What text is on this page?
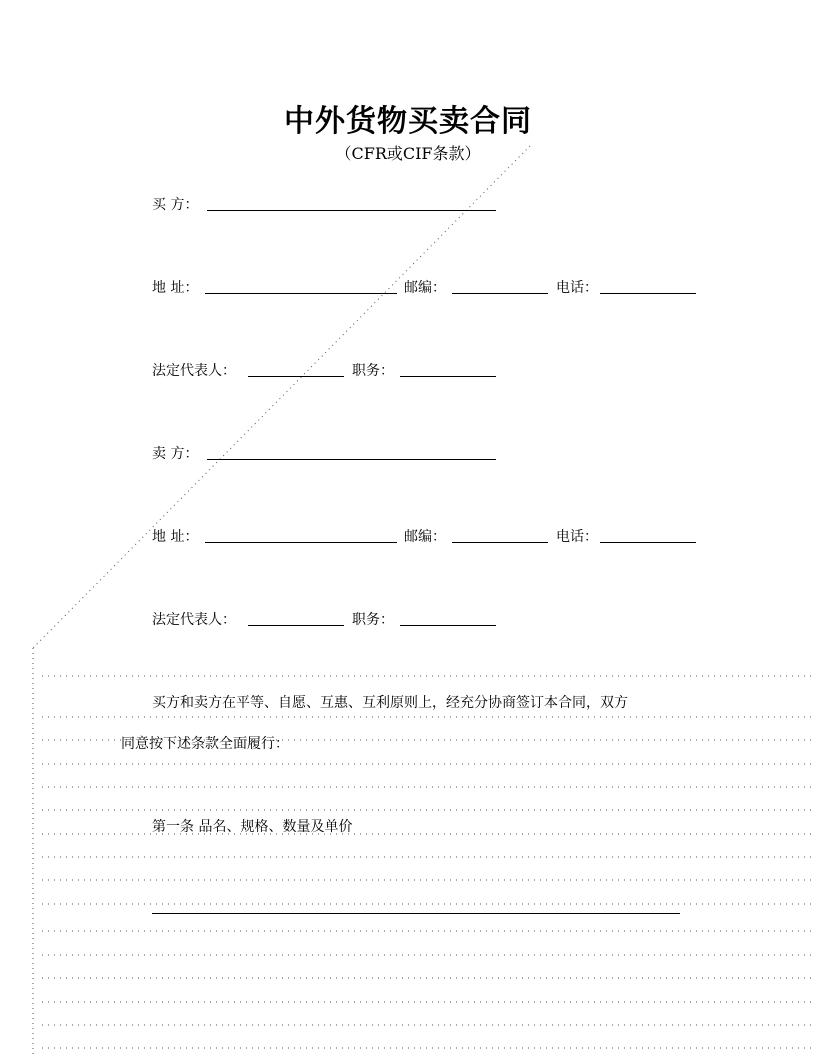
中外货物买卖合同
（CFR或CIF条款）
买 方：
地 址：	邮编：	电话：
法定代表人：	职务：
卖 方：
地 址：	邮编：	电话：
法定代表人：	职务：
买方和卖方在平等、自愿、互惠、互利原则上，经充分协商签订本合同，双方
同意按下述条款全面履行：
第一条 品名、规格、数量及单价
